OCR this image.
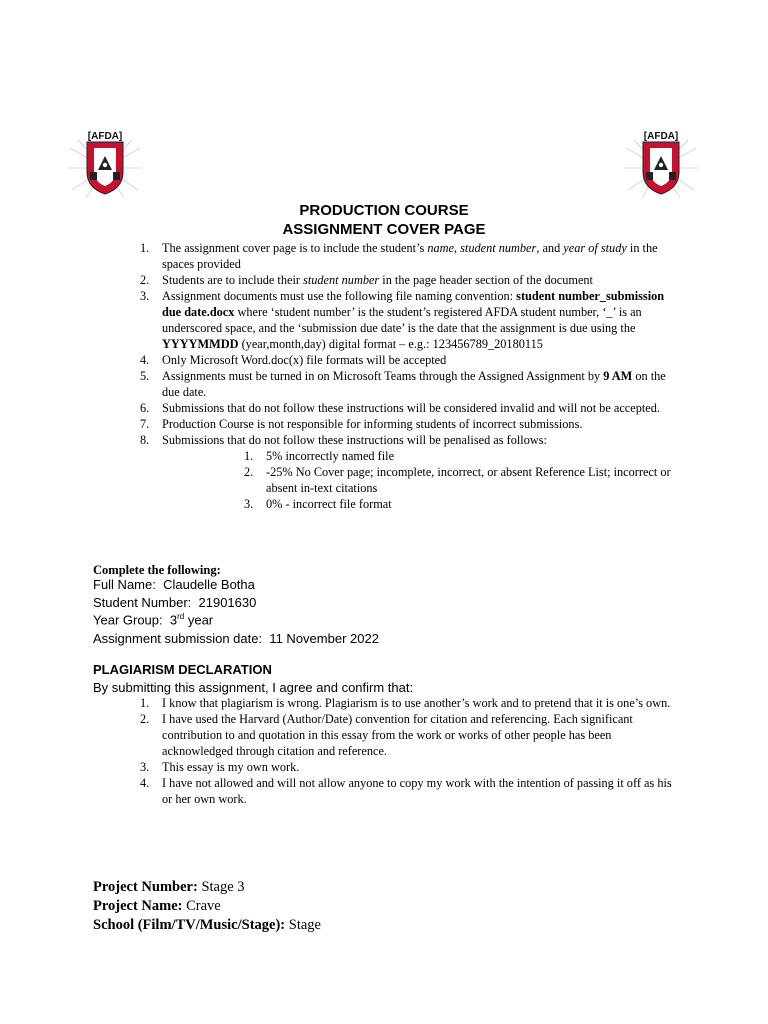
[AFDA]	[AFDA]
PRODUCTION COURSE
ASSIGNMENT COVER PAGE
1. The assignment cover page is to include the student’s name, student number, and year of study in the spaces provided
2. Students are to include their student number in the page header section of the document
3. Assignment documents must use the following file naming convention: student number_submission due date.docx where ‘student number’ is the student’s registered AFDA student number, ‘_’ is an underscored space, and the ‘submission due date’ is the date that the assignment is due using the YYYYMMDD (year,month,day) digital format – e.g.: 123456789_20180115
4. Only Microsoft Word.doc(x) file formats will be accepted
5. Assignments must be turned in on Microsoft Teams through the Assigned Assignment by 9 AM on the due date.
6. Submissions that do not follow these instructions will be considered invalid and will not be accepted.
7. Production Course is not responsible for informing students of incorrect submissions.
8. Submissions that do not follow these instructions will be penalised as follows:
1. 5% incorrectly named file
2. -25% No Cover page; incomplete, incorrect, or absent Reference List; incorrect or absent in-text citations
3. 0% - incorrect file format
Complete the following:
Full Name: Claudelle Botha
Student Number: 21901630
Year Group: 3rd year
Assignment submission date: 11 November 2022
PLAGIARISM DECLARATION
By submitting this assignment, I agree and confirm that:
1. I know that plagiarism is wrong. Plagiarism is to use another’s work and to pretend that it is one’s own.
2. I have used the Harvard (Author/Date) convention for citation and referencing. Each significant contribution to and quotation in this essay from the work or works of other people has been acknowledged through citation and reference.
3. This essay is my own work.
4. I have not allowed and will not allow anyone to copy my work with the intention of passing it off as his or her own work.
Project Number: Stage 3
Project Name: Crave
School (Film/TV/Music/Stage): Stage
